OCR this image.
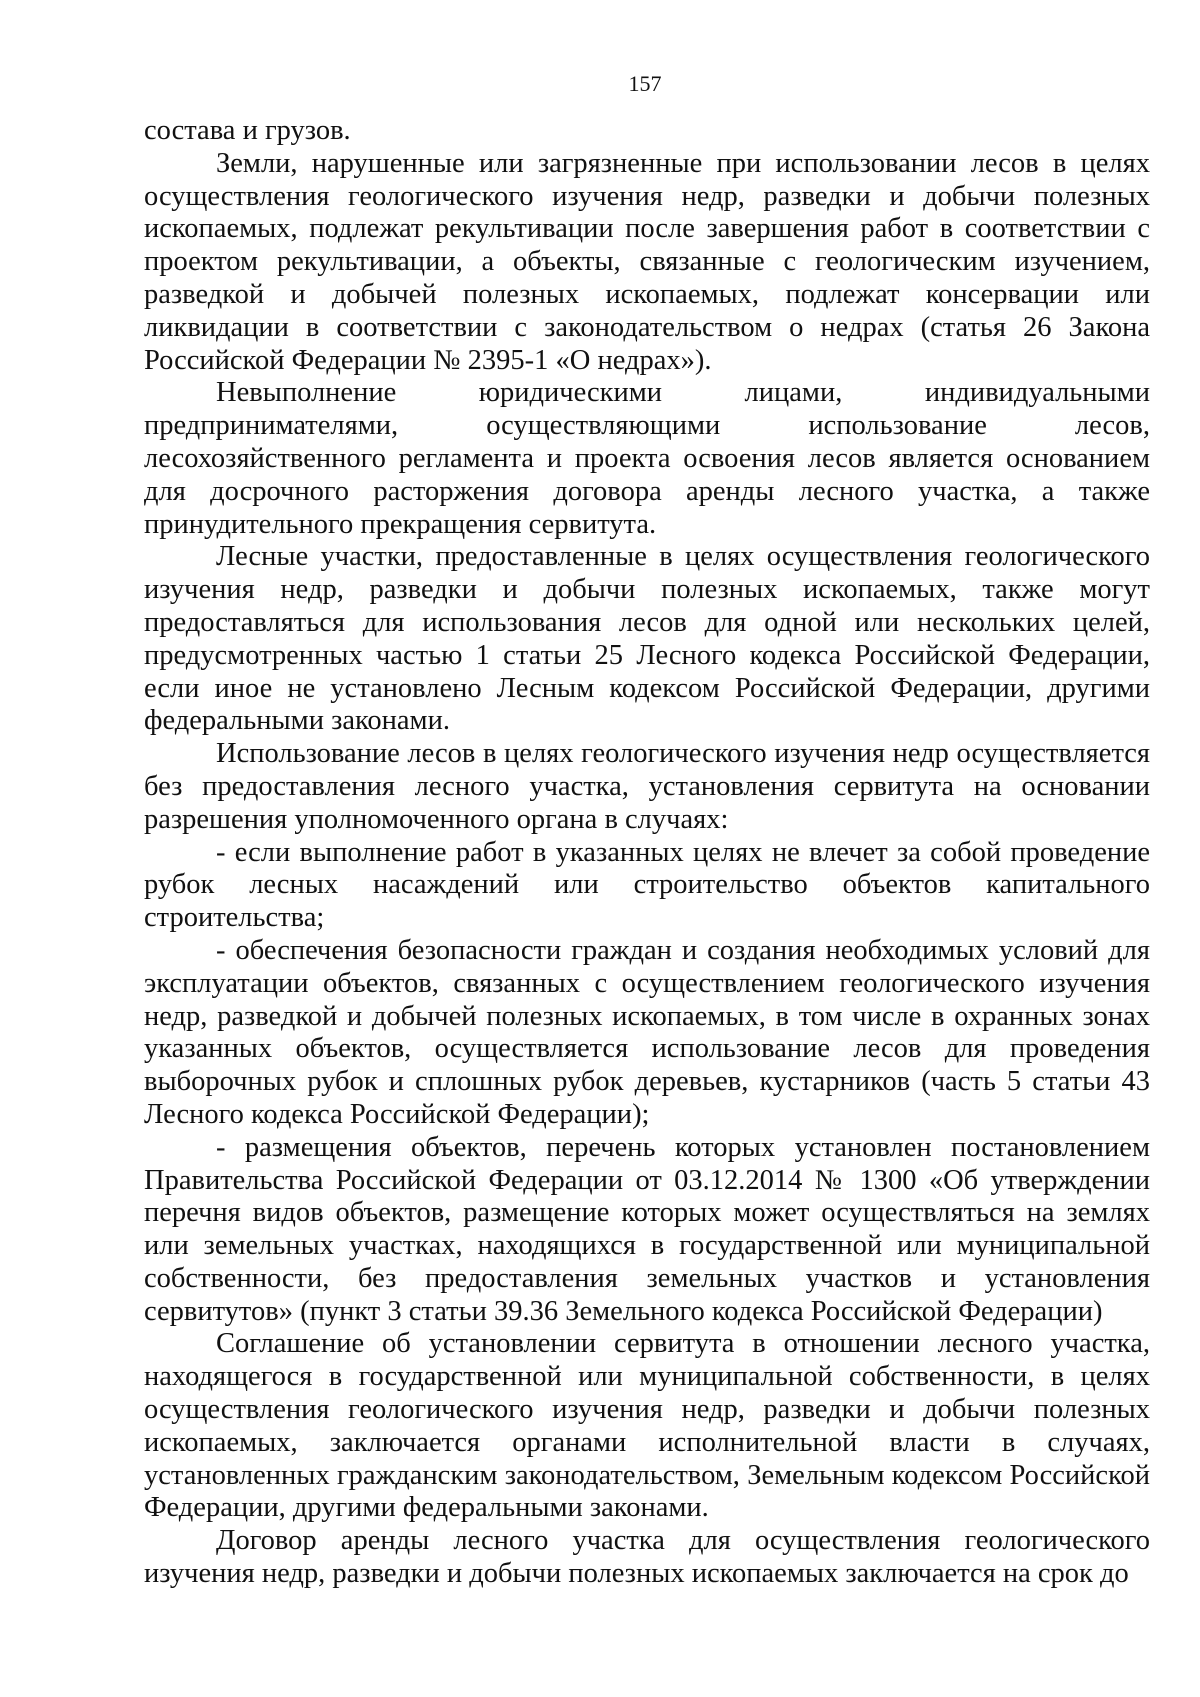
157

состава и грузов.

Земли, нарушенные или загрязненные при использовании лесов в целях осуществления геологического изучения недр, разведки и добычи полезных ископаемых, подлежат рекультивации после завершения работ в соответствии с проектом рекультивации, а объекты, связанные с геологическим изучением, разведкой и добычей полезных ископаемых, подлежат консервации или ликвидации в соответствии с законодательством о недрах (статья 26 Закона Российской Федерации № 2395-1 «О недрах»).

Невыполнение юридическими лицами, индивидуальными предпринимателями, осуществляющими использование лесов, лесохозяйственного регламента и проекта освоения лесов является основанием для досрочного расторжения договора аренды лесного участка, а также принудительного прекращения сервитута.

Лесные участки, предоставленные в целях осуществления геологического изучения недр, разведки и добычи полезных ископаемых, также могут предоставляться для использования лесов для одной или нескольких целей, предусмотренных частью 1 статьи 25 Лесного кодекса Российской Федерации, если иное не установлено Лесным кодексом Российской Федерации, другими федеральными законами.

Использование лесов в целях геологического изучения недр осуществляется без предоставления лесного участка, установления сервитута на основании разрешения уполномоченного органа в случаях:

- если выполнение работ в указанных целях не влечет за собой проведение рубок лесных насаждений или строительство объектов капитального строительства;

- обеспечения безопасности граждан и создания необходимых условий для эксплуатации объектов, связанных с осуществлением геологического изучения недр, разведкой и добычей полезных ископаемых, в том числе в охранных зонах указанных объектов, осуществляется использование лесов для проведения выборочных рубок и сплошных рубок деревьев, кустарников (часть 5 статьи 43 Лесного кодекса Российской Федерации);

- размещения объектов, перечень которых установлен постановлением Правительства Российской Федерации от 03.12.2014 № 1300 «Об утверждении перечня видов объектов, размещение которых может осуществляться на землях или земельных участках, находящихся в государственной или муниципальной собственности, без предоставления земельных участков и установления сервитутов» (пункт 3 статьи 39.36 Земельного кодекса Российской Федерации)

Соглашение об установлении сервитута в отношении лесного участка, находящегося в государственной или муниципальной собственности, в целях осуществления геологического изучения недр, разведки и добычи полезных ископаемых, заключается органами исполнительной власти в случаях, установленных гражданским законодательством, Земельным кодексом Российской Федерации, другими федеральными законами.

Договор аренды лесного участка для осуществления геологического изучения недр, разведки и добычи полезных ископаемых заключается на срок до
